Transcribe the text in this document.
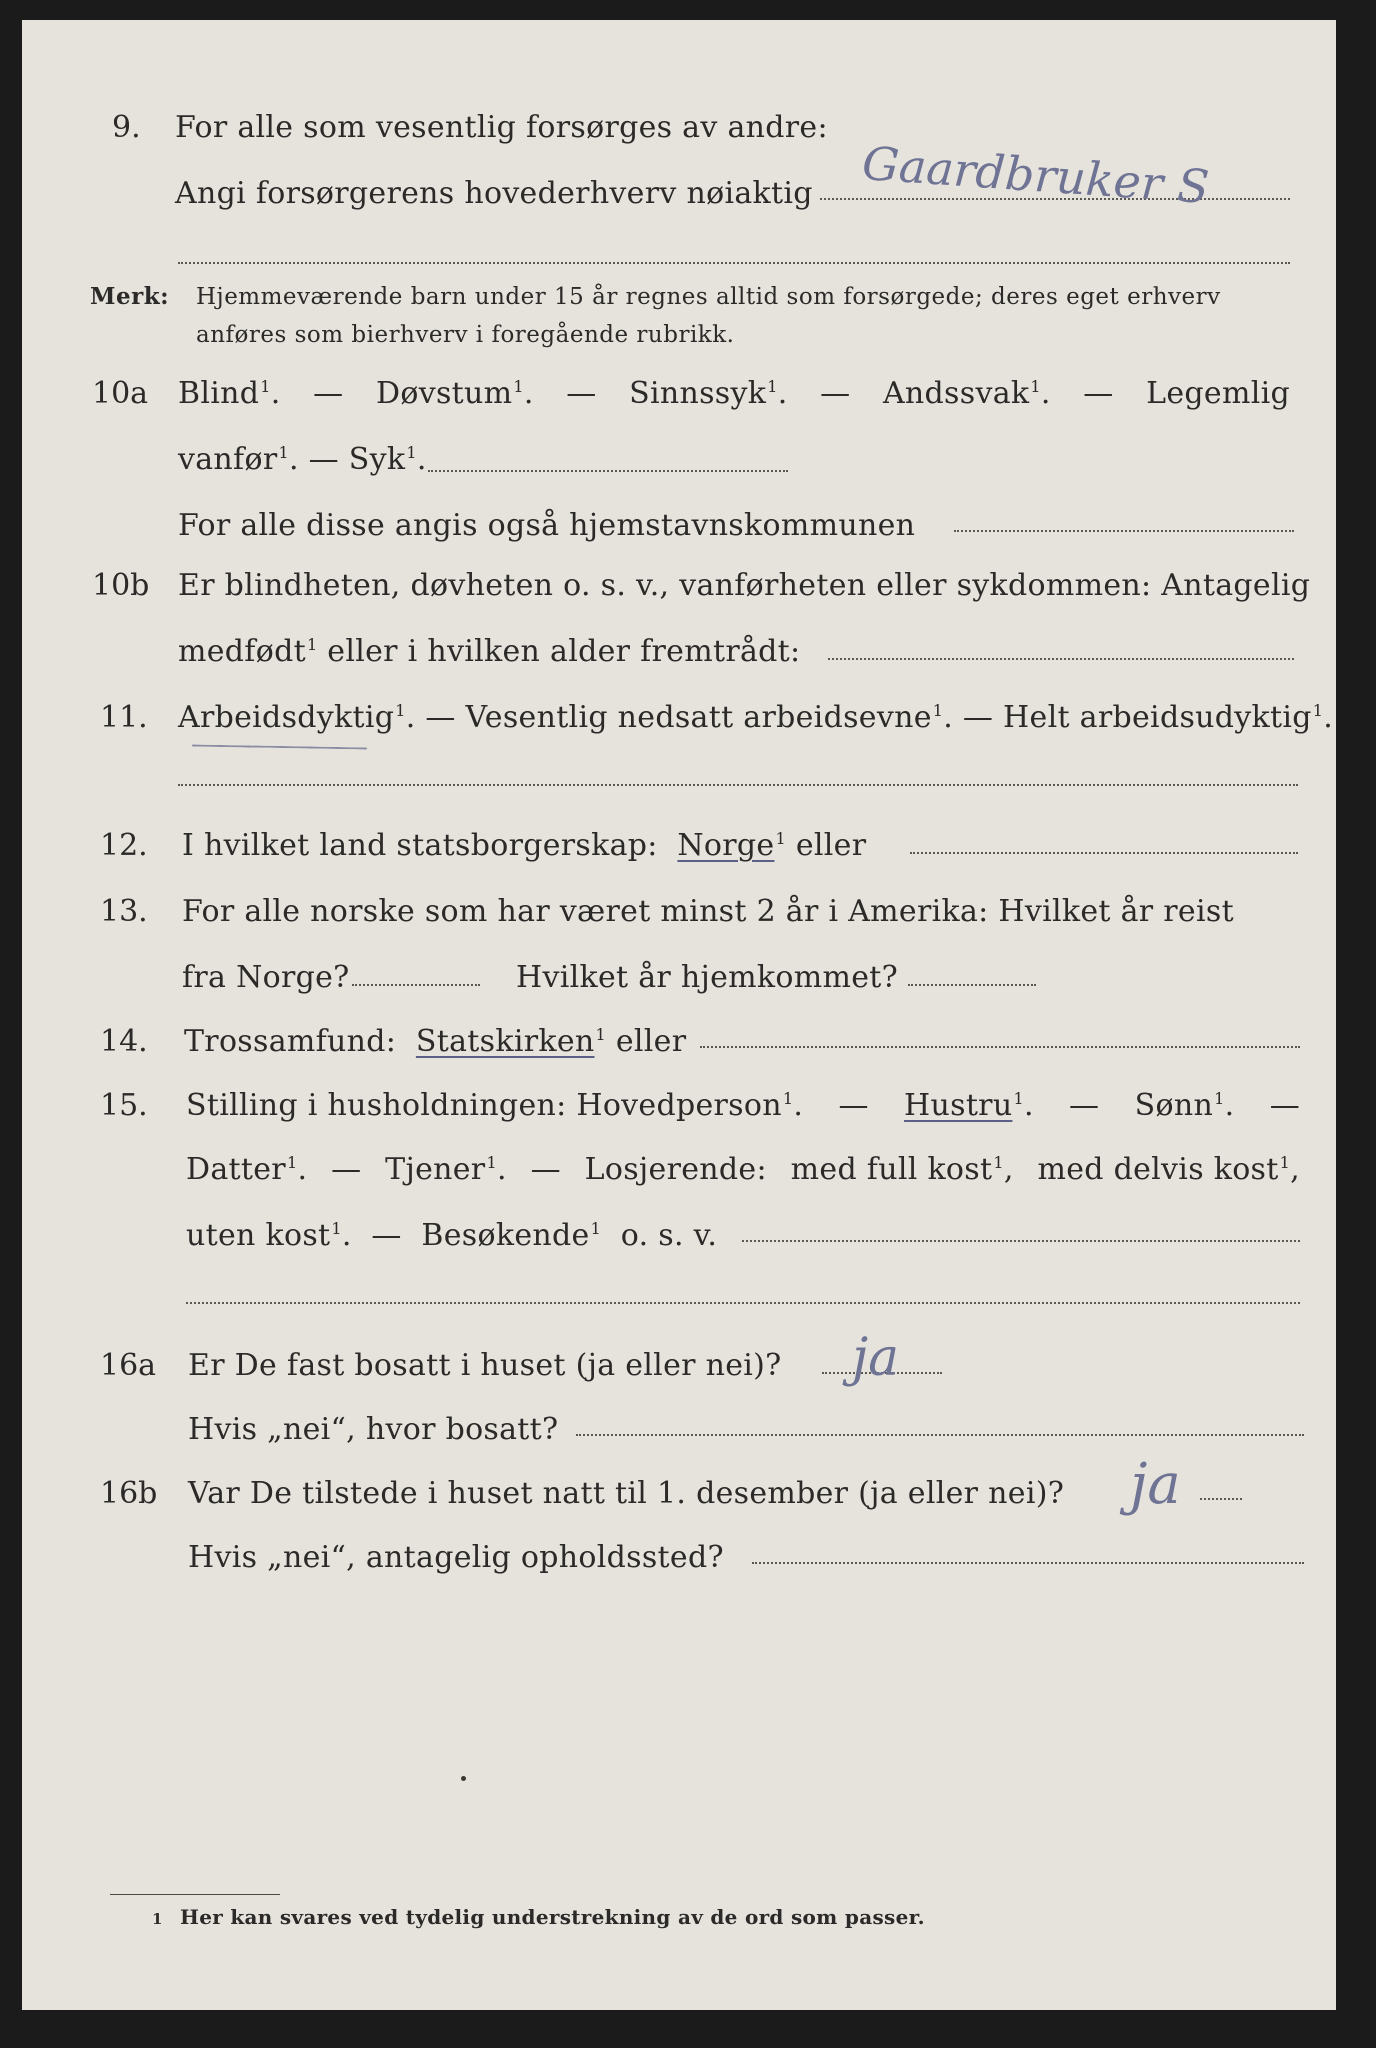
9. For alle som vesentlig forsørges av andre:
Angi forsørgerens hovederhverv nøiaktig Gaardbruker S
Merk: Hjemmeværende barn under 15 år regnes alltid som forsørgede; deres eget erhverv
anføres som bierhverv i foregående rubrikk.
10a Blind$^1$. — Døvstum$^1$. — Sinnssyk$^1$. — Andssvak$^1$. — Legemlig
vanfør$^1$. — Syk$^1$.
For alle disse angis også hjemstavnskommunen
10b Er blindheten, døvheten o. s. v., vanførheten eller sykdommen: Antagelig
medfødt$^1$ eller i hvilken alder fremtrådt:
11. Arbeidsdyktig$^1$. — Vesentlig nedsatt arbeidsevne$^1$. — Helt arbeidsudyktig$^1$.
12. I hvilket land statsborgerskap: Norge$^1$ eller
13. For alle norske som har været minst 2 år i Amerika: Hvilket år reist
fra Norge?	Hvilket år hjemkommet?
14. Trossamfund: Statskirken$^1$ eller
15. Stilling i husholdningen: Hovedperson$^1$. — Hustru$^1$. — Sønn$^1$. —
Datter$^1$. — Tjener$^1$. — Losjerende: med full kost$^1$, med delvis kost$^1$,
uten kost$^1$. — Besøkende$^1$ o. s. v.
16a Er De fast bosatt i huset (ja eller nei)? ja
Hvis „nei“, hvor bosatt?
16b Var De tilstede i huset natt til 1. desember (ja eller nei)? ja
Hvis „nei“, antagelig opholdssted?
1 Her kan svares ved tydelig understrekning av de ord som passer.
